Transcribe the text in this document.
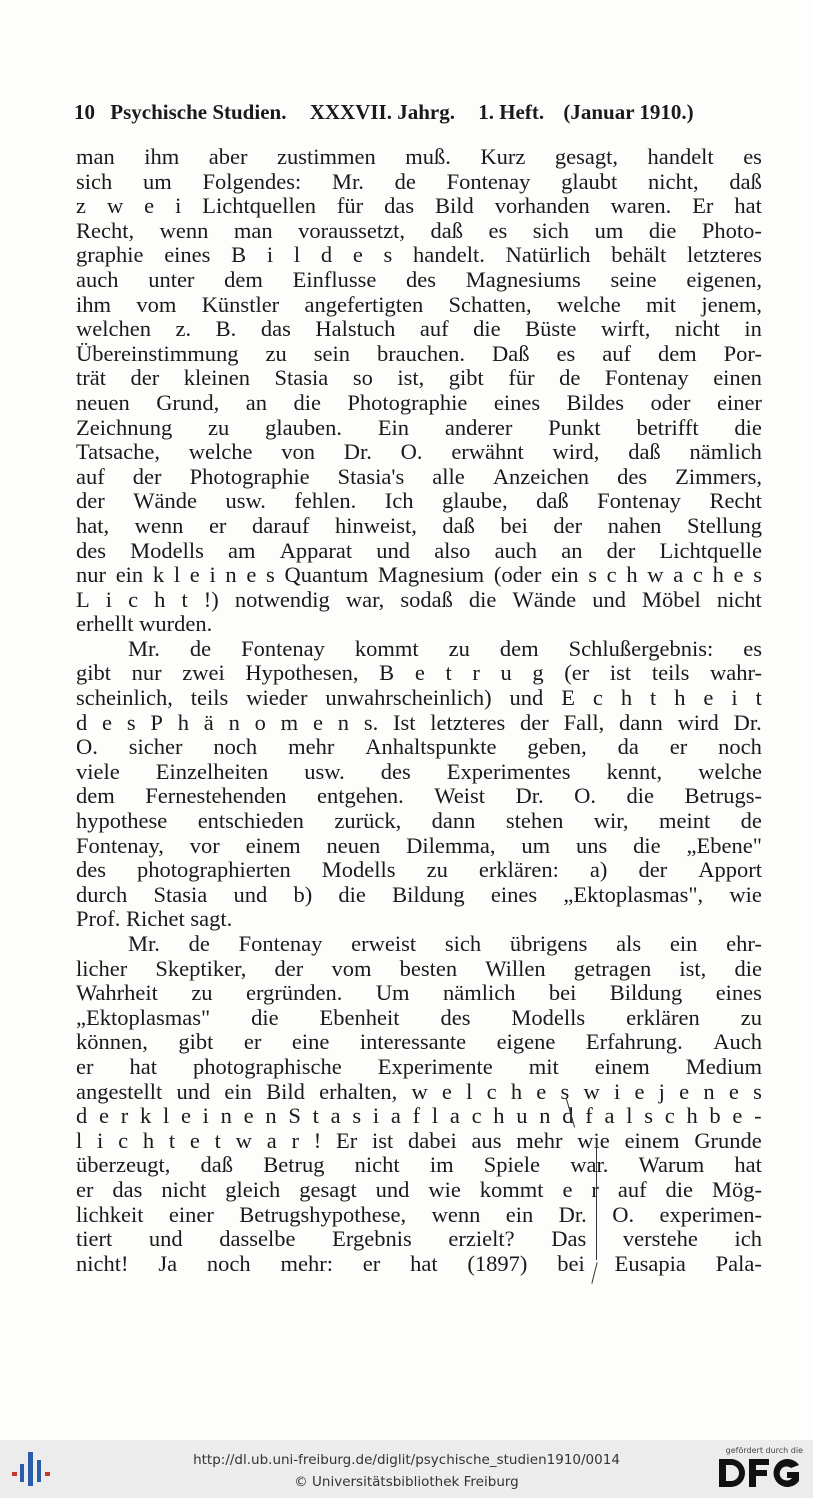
10 Psychische Studien. XXXVII. Jahrg. 1. Heft. (Januar 1910.)
man ihm aber zustimmen muß. Kurz gesagt, handelt es
sich um Folgendes: Mr. de Fontenay glaubt nicht, daß
z w e i Lichtquellen für das Bild vorhanden waren. Er hat
Recht, wenn man voraussetzt, daß es sich um die Photo-
graphie eines B i l d e s handelt. Natürlich behält letzteres
auch unter dem Einflusse des Magnesiums seine eigenen,
ihm vom Künstler angefertigten Schatten, welche mit jenem,
welchen z. B. das Halstuch auf die Büste wirft, nicht in
Übereinstimmung zu sein brauchen. Daß es auf dem Por-
trät der kleinen Stasia so ist, gibt für de Fontenay einen
neuen Grund, an die Photographie eines Bildes oder einer
Zeichnung zu glauben. Ein anderer Punkt betrifft die
Tatsache, welche von Dr. O. erwähnt wird, daß nämlich
auf der Photographie Stasia's alle Anzeichen des Zimmers,
der Wände usw. fehlen. Ich glaube, daß Fontenay Recht
hat, wenn er darauf hinweist, daß bei der nahen Stellung
des Modells am Apparat und also auch an der Lichtquelle
nur ein k l e i n e s Quantum Magnesium (oder ein s c h w a c h e s
L i c h t !) notwendig war, sodaß die Wände und Möbel nicht
erhellt wurden.
Mr. de Fontenay kommt zu dem Schlußergebnis: es
gibt nur zwei Hypothesen, B e t r u g (er ist teils wahr-
scheinlich, teils wieder unwahrscheinlich) und E c h t h e i t
d e s P h ä n o m e n s. Ist letzteres der Fall, dann wird Dr.
O. sicher noch mehr Anhaltspunkte geben, da er noch
viele Einzelheiten usw. des Experimentes kennt, welche
dem Fernestehenden entgehen. Weist Dr. O. die Betrugs-
hypothese entschieden zurück, dann stehen wir, meint de
Fontenay, vor einem neuen Dilemma, um uns die „Ebene"
des photographierten Modells zu erklären: a) der Apport
durch Stasia und b) die Bildung eines „Ektoplasmas", wie
Prof. Richet sagt.
Mr. de Fontenay erweist sich übrigens als ein ehr-
licher Skeptiker, der vom besten Willen getragen ist, die
Wahrheit zu ergründen. Um nämlich bei Bildung eines
„Ektoplasmas" die Ebenheit des Modells erklären zu
können, gibt er eine interessante eigene Erfahrung. Auch
er hat photographische Experimente mit einem Medium
angestellt und ein Bild erhalten, w e l c h e s w i e j e n e s
d e r k l e i n e n S t a s i a f l a c h u n d f a l s c h b e -
l i c h t e t w a r ! Er ist dabei aus mehr wie einem Grunde
überzeugt, daß Betrug nicht im Spiele war. Warum hat
er das nicht gleich gesagt und wie kommt e r auf die Mög-
lichkeit einer Betrugshypothese, wenn ein Dr. O. experimen-
tiert und dasselbe Ergebnis erzielt? Das verstehe ich
nicht! Ja noch mehr: er hat (1897) bei Eusapia Pala-
http://dl.ub.uni-freiburg.de/diglit/psychische_studien1910/0014
© Universitätsbibliothek Freiburg
gefördert durch die
